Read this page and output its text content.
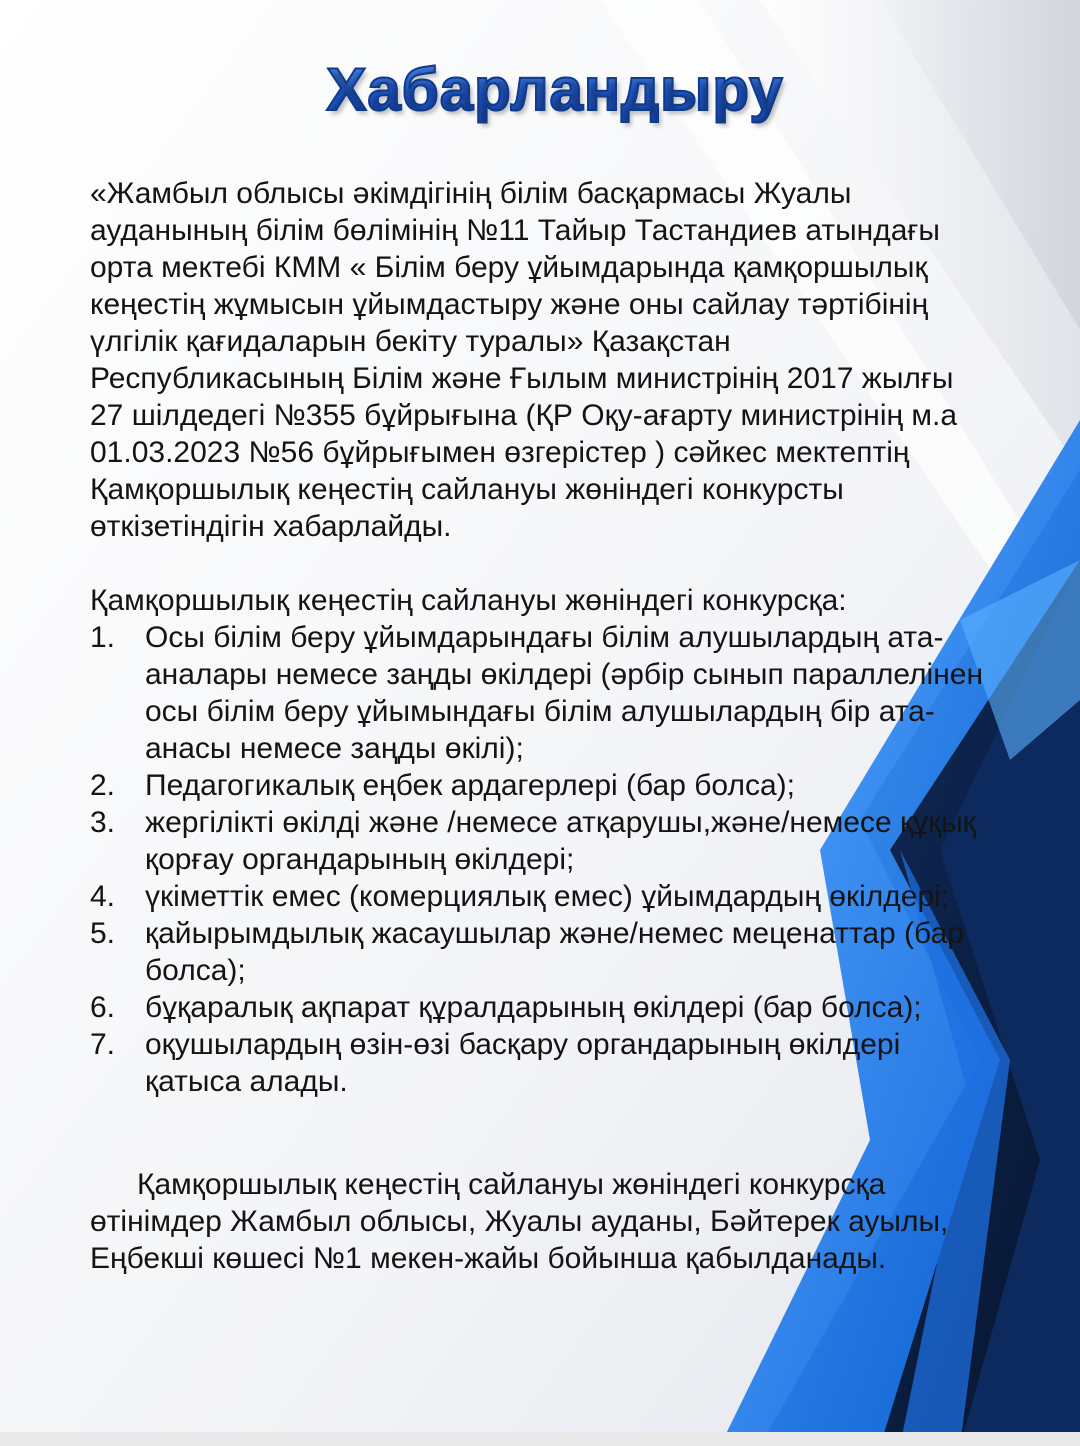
Хабарландыру

«Жамбыл облысы әкімдігінің білім басқармасы Жуалы ауданының білім бөлімінің №11 Тайыр Тастандиев атындағы орта мектебі КММ « Білім беру ұйымдарында қамқоршылық кеңестің жұмысын ұйымдастыру және оны сайлау тәртібінің үлгілік қағидаларын бекіту туралы» Қазақстан Республикасының Білім және Ғылым министрінің 2017 жылғы 27 шілдедегі №355 бұйрығына (ҚР Оқу-ағарту министрінің м.а 01.03.2023 №56 бұйрығымен өзгерістер ) сәйкес мектептің Қамқоршылық кеңестің сайлануы жөніндегі конкурсты өткізетіндігін хабарлайды.

Қамқоршылық кеңестің сайлануы жөніндегі конкурсқа:

1. Осы білім беру ұйымдарындағы білім алушылардың ата-аналары немесе заңды өкілдері (әрбір сынып параллелінен осы білім беру ұйымындағы білім алушылардың бір ата-анасы немесе заңды өкілі);
2. Педагогикалық еңбек ардагерлері (бар болса);
3. жергілікті өкілді және /немесе атқарушы,және/немесе құқық қорғау органдарының өкілдері;
4. үкіметтік емес (комерциялық емес) ұйымдардың өкілдері;
5. қайырымдылық жасаушылар және/немес меценаттар (бар болса);
6. бұқаралық ақпарат құралдарының өкілдері (бар болса);
7. оқушылардың өзін-өзі басқару органдарының өкілдері қатыса алады.

Қамқоршылық кеңестің сайлануы жөніндегі конкурсқа өтінімдер Жамбыл облысы, Жуалы ауданы, Бәйтерек ауылы, Еңбекші көшесі №1 мекен-жайы бойынша қабылданады.
